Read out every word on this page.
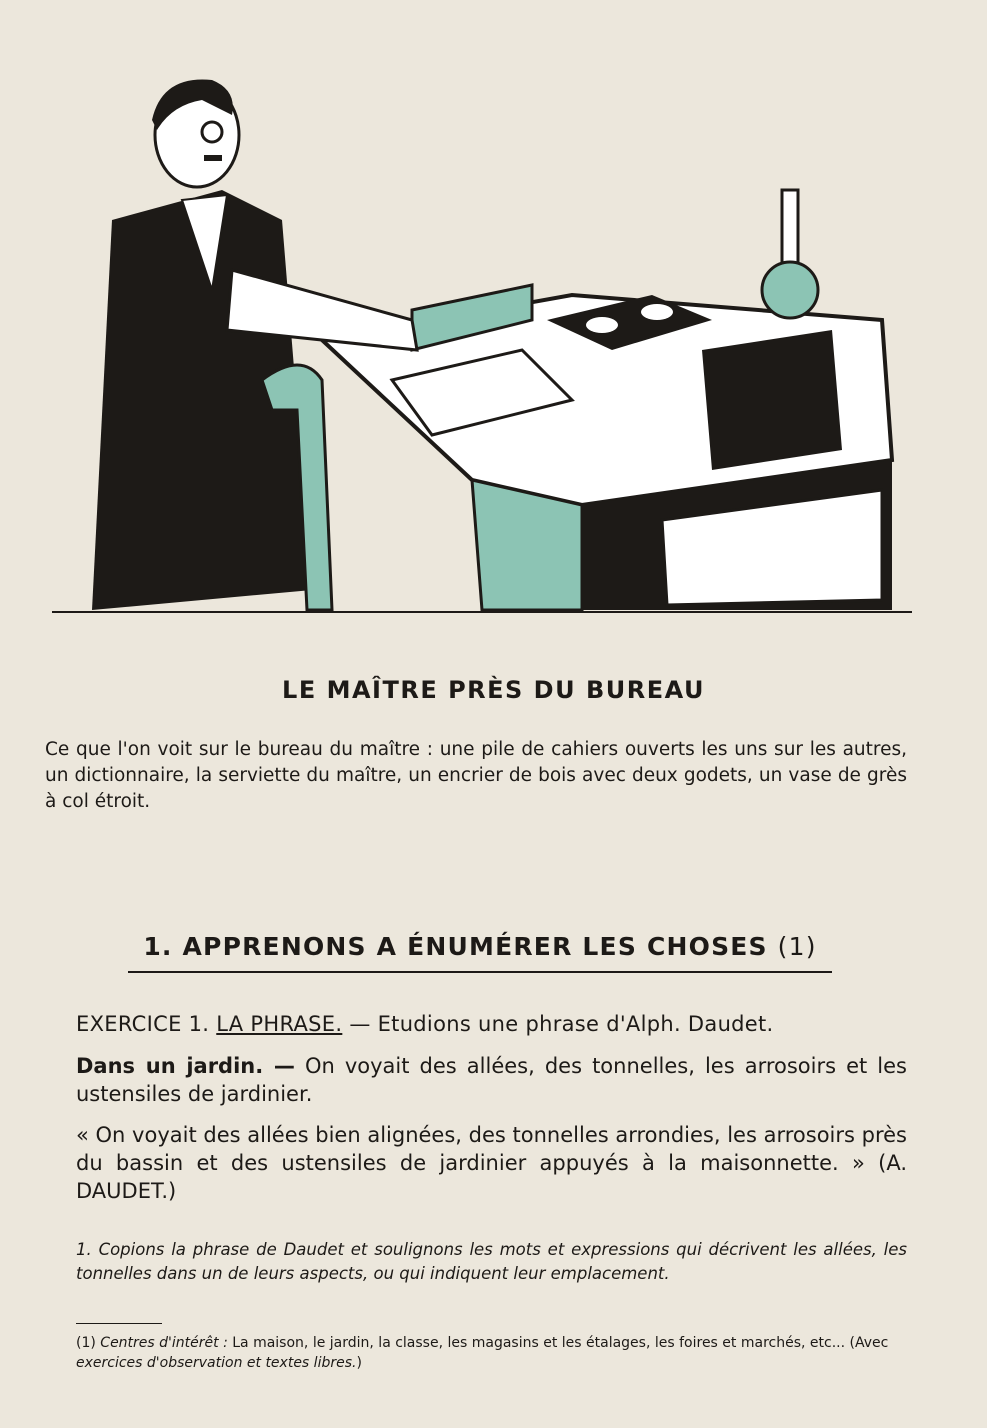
LE MAÎTRE PRÈS DU BUREAU
Ce que l'on voit sur le bureau du maître : une pile de cahiers ouverts les uns sur les autres, un dictionnaire, la serviette du maître, un encrier de bois avec deux godets, un vase de grès à col étroit.
1. APPRENONS A ÉNUMÉRER LES CHOSES (1)
EXERCICE 1. LA PHRASE. — Etudions une phrase d'Alph. Daudet.
Dans un jardin. — On voyait des allées, des tonnelles, les arrosoirs et les ustensiles de jardinier.
« On voyait des allées bien alignées, des tonnelles arrondies, les arrosoirs près du bassin et des ustensiles de jardinier appuyés à la maisonnette. » (A. DAUDET.)
1. Copions la phrase de Daudet et soulignons les mots et expressions qui décrivent les allées, les tonnelles dans un de leurs aspects, ou qui indiquent leur emplacement.
(1) Centres d'intérêt : La maison, le jardin, la classe, les magasins et les étalages, les foires et marchés, etc... (Avec exercices d'observation et textes libres.)
